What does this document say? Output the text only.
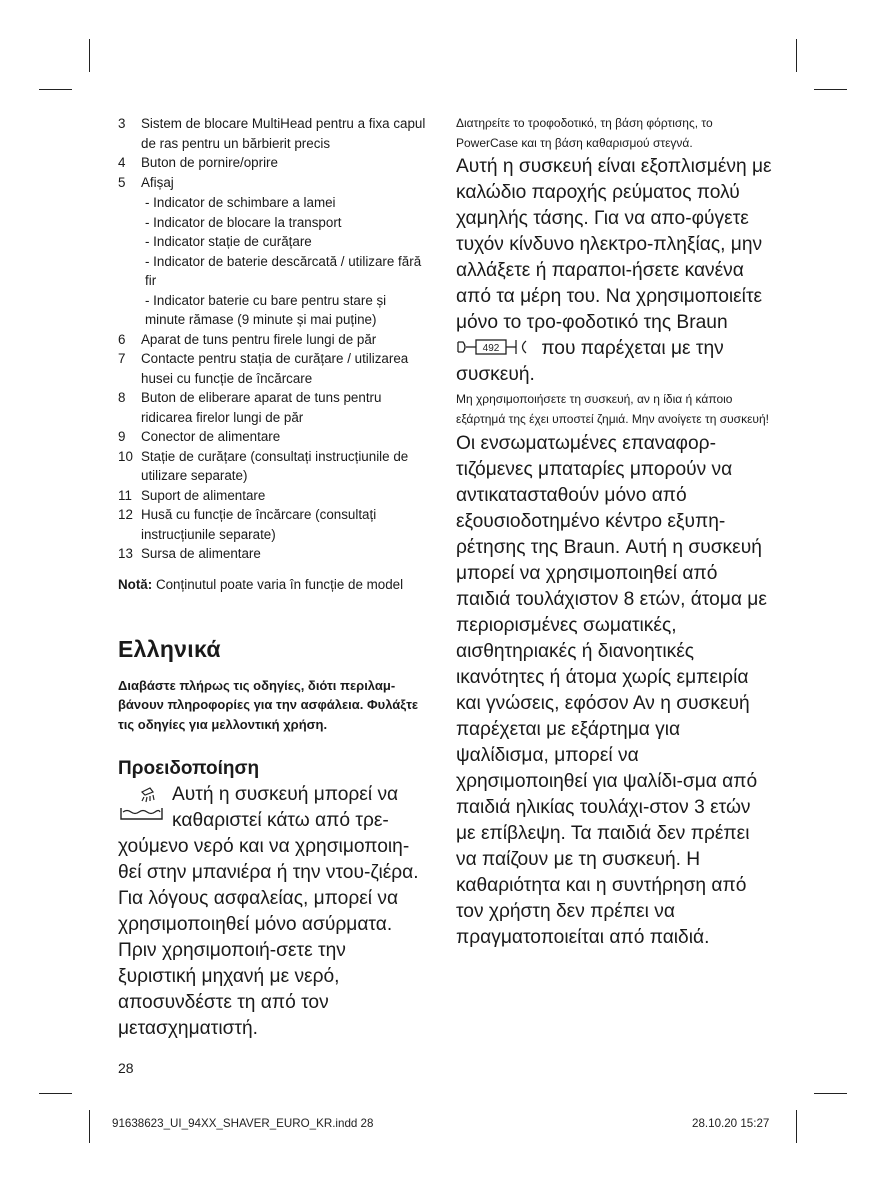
3	Sistem de blocare MultiHead pentru a fixa capul de ras pentru un bărbierit precis
4	Buton de pornire/oprire
5	Afișaj
- Indicator de schimbare a lamei
- Indicator de blocare la transport
- Indicator stație de curățare
- Indicator de baterie descărcată / utilizare fără fir
- Indicator baterie cu bare pentru stare și minute rămase (9 minute și mai puține)
6	Aparat de tuns pentru firele lungi de păr
7	Contacte pentru stația de curățare / utilizarea husei cu funcție de încărcare
8	Buton de eliberare aparat de tuns pentru ridicarea firelor lungi de păr
9	Conector de alimentare
10 Stație de curățare (consultați instrucțiunile de utilizare separate)
11 Suport de alimentare
12 Husă cu funcție de încărcare (consultați instrucțiunile separate)
13 Sursa de alimentare
Notă: Conținutul poate varia în funcție de model
Ελληνικά
Διαβάστε πλήρως τις οδηγίες, διότι περιλαμ-βάνουν πληροφορίες για την ασφάλεια. Φυλάξτε τις οδηγίες για μελλοντική χρήση.
Προειδοποίηση
Αυτή η συσκευή μπορεί να καθαριστεί κάτω από τρε-
χούμενο νερό και να χρησιμοποιη-θεί στην μπανιέρα ή την ντου-ζιέρα. Για λόγους ασφαλείας, μπορεί να χρησιμοποιηθεί μόνο ασύρματα. Πριν χρησιμοποιή-σετε την ξυριστική μηχανή με νερό, αποσυνδέστε τη από τον μετασχηματιστή.
28
Διατηρείτε το τροφοδοτικό, τη βάση φόρτισης, το PowerCase και τη βάση καθαρισμού στεγνά.
Αυτή η συσκευή είναι εξοπλισμένη με καλώδιο παροχής ρεύματος πολύ χαμηλής τάσης. Για να απο-φύγετε τυχόν κίνδυνο ηλεκτρο-πληξίας, μην αλλάξετε ή παραποι-ήσετε κανένα από τα μέρη του. Να χρησιμοποιείτε μόνο το τρο-φοδοτικό της Braun
492 που παρέχεται με την συσκευή.
Μη χρησιμοποιήσετε τη συσκευή, αν η ίδια ή κάποιο εξάρτημά της έχει υποστεί ζημιά. Μην ανοίγετε τη συσκευή!
Οι ενσωματωμένες επαναφορ-τιζόμενες μπαταρίες μπορούν να αντικατασταθούν μόνο από εξουσιοδοτημένο κέντρο εξυπη-ρέτησης της Braun. Αυτή η συσκευή μπορεί να χρησιμοποιηθεί από παιδιά τουλάχιστον 8 ετών, άτομα με περιορισμένες σωματικές, αισθητηριακές ή διανοητικές ικανότητες ή άτομα χωρίς εμπειρία και γνώσεις, εφόσον Αν η συσκευή παρέχεται με εξάρτημα για ψαλίδισμα, μπορεί να χρησιμοποιηθεί για ψαλίδι-σμα από παιδιά ηλικίας τουλάχι-στον 3 ετών με επίβλεψη. Τα παιδιά δεν πρέπει να παίζουν με τη συσκευή. Η καθαριότητα και η συντήρηση από τον χρήστη δεν πρέπει να πραγματοποιείται από παιδιά.
91638623_UI_94XX_SHAVER_EURO_KR.indd 28	28.10.20 15:27
